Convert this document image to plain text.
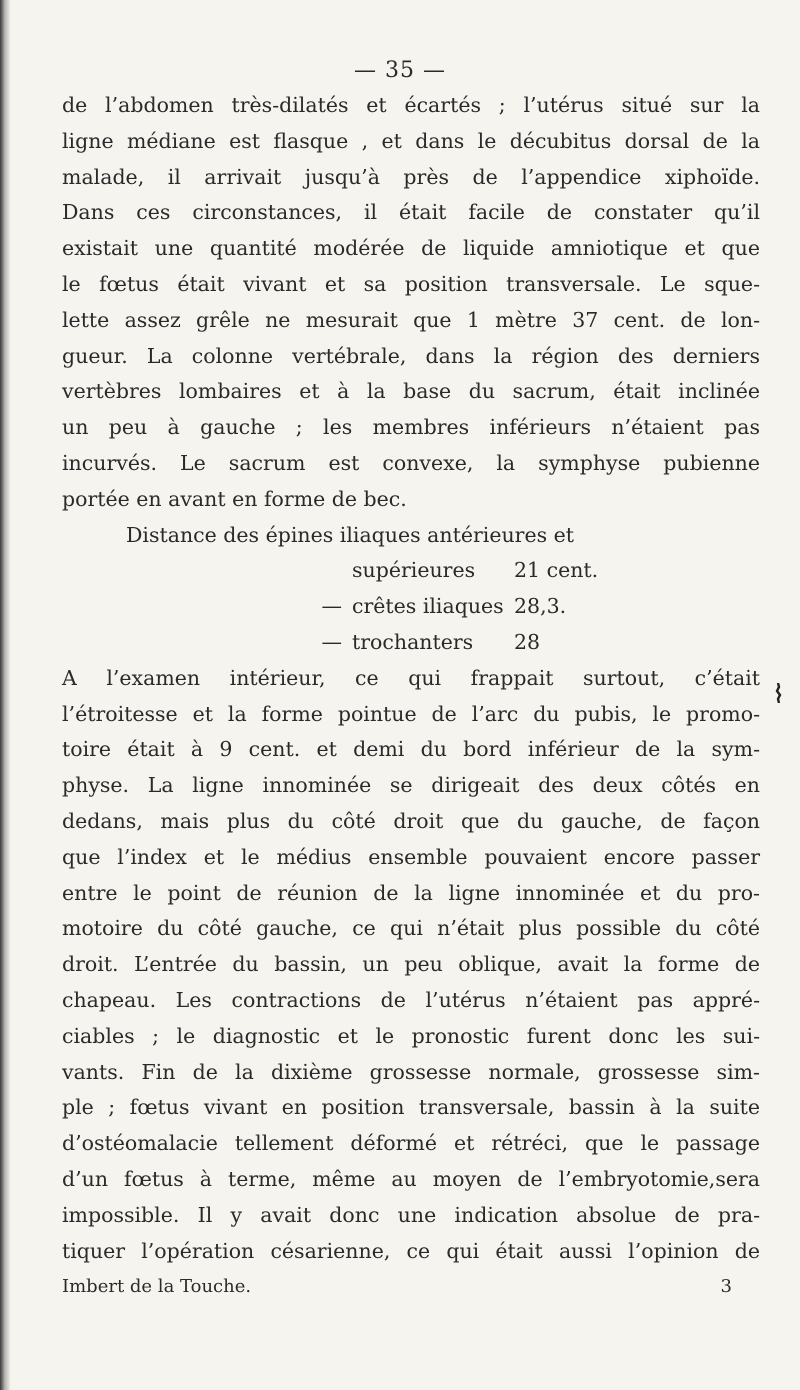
— 35 —
de l’abdomen très-dilatés et écartés ; l’utérus situé sur la
ligne médiane est flasque , et dans le décubitus dorsal de la
malade, il arrivait jusqu’à près de l’appendice xiphoïde.
Dans ces circonstances, il était facile de constater qu’il
existait une quantité modérée de liquide amniotique et que
le fœtus était vivant et sa position transversale. Le sque-
lette assez grêle ne mesurait que 1 mètre 37 cent. de lon-
gueur. La colonne vertébrale, dans la région des derniers
vertèbres lombaires et à la base du sacrum, était inclinée
un peu à gauche ; les membres inférieurs n’étaient pas
incurvés. Le sacrum est convexe, la symphyse pubienne
portée en avant en forme de bec.
Distance des épines iliaques antérieures et
supérieures	21 cent.
— crêtes iliaques 28,3.
— trochanters	28
A l’examen intérieur, ce qui frappait surtout, c’était
l’étroitesse et la forme pointue de l’arc du pubis, le promo-
toire était à 9 cent. et demi du bord inférieur de la sym-
physe. La ligne innominée se dirigeait des deux côtés en
dedans, mais plus du côté droit que du gauche, de façon
que l’index et le médius ensemble pouvaient encore passer
entre le point de réunion de la ligne innominée et du pro-
motoire du côté gauche, ce qui n’était plus possible du côté
droit. L’entrée du bassin, un peu oblique, avait la forme de
chapeau. Les contractions de l’utérus n’étaient pas appré-
ciables ; le diagnostic et le pronostic furent donc les sui-
vants. Fin de la dixième grossesse normale, grossesse sim-
ple ; fœtus vivant en position transversale, bassin à la suite
d’ostéomalacie tellement déformé et rétréci, que le passage
d’un fœtus à terme, même au moyen de l’embryotomie,sera
impossible. Il y avait donc une indication absolue de pra-
tiquer l’opération césarienne, ce qui était aussi l’opinion de
Imbert de la Touche.	3
